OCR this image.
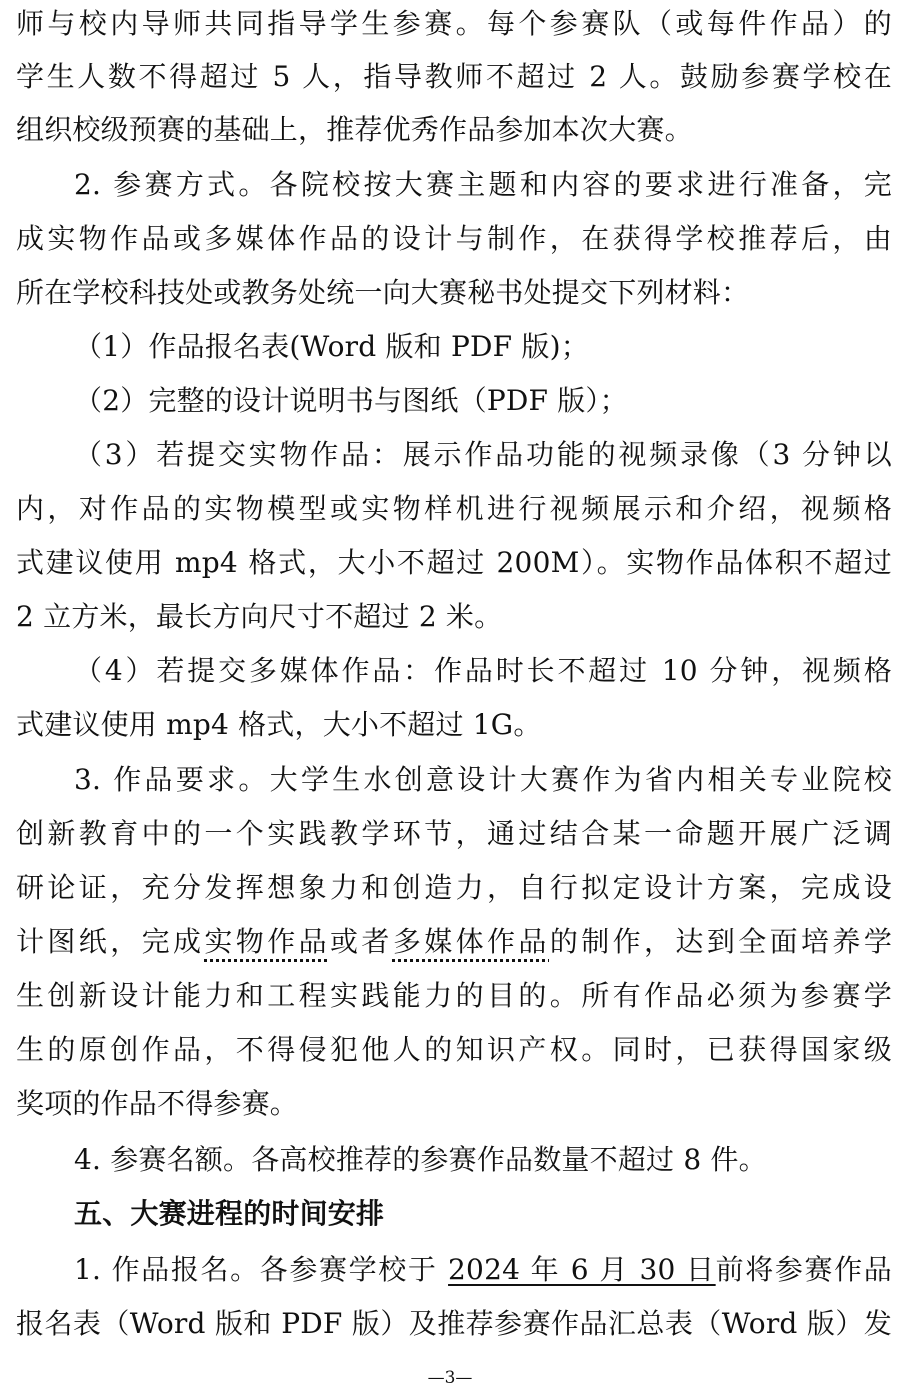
师与校内导师共同指导学生参赛。每个参赛队（或每件作品）的
学生人数不得超过 5 人，指导教师不超过 2 人。鼓励参赛学校在
组织校级预赛的基础上，推荐优秀作品参加本次大赛。
2. 参赛方式。各院校按大赛主题和内容的要求进行准备，完
成实物作品或多媒体作品的设计与制作，在获得学校推荐后，由
所在学校科技处或教务处统一向大赛秘书处提交下列材料：
（1）作品报名表(Word 版和 PDF 版)；
（2）完整的设计说明书与图纸（PDF 版）；
（3）若提交实物作品：展示作品功能的视频录像（3 分钟以
内，对作品的实物模型或实物样机进行视频展示和介绍，视频格
式建议使用 mp4 格式，大小不超过 200M）。实物作品体积不超过
2 立方米，最长方向尺寸不超过 2 米。
（4）若提交多媒体作品：作品时长不超过 10 分钟，视频格
式建议使用 mp4 格式，大小不超过 1G。
3. 作品要求。大学生水创意设计大赛作为省内相关专业院校
创新教育中的一个实践教学环节，通过结合某一命题开展广泛调
研论证，充分发挥想象力和创造力，自行拟定设计方案，完成设
计图纸，完成实物作品或者多媒体作品的制作，达到全面培养学
生创新设计能力和工程实践能力的目的。所有作品必须为参赛学
生的原创作品，不得侵犯他人的知识产权。同时，已获得国家级
奖项的作品不得参赛。
4. 参赛名额。各高校推荐的参赛作品数量不超过 8 件。
五、大赛进程的时间安排
1. 作品报名。各参赛学校于 2024 年 6 月 30 日前将参赛作品
报名表（Word 版和 PDF 版）及推荐参赛作品汇总表（Word 版）发
—3—
